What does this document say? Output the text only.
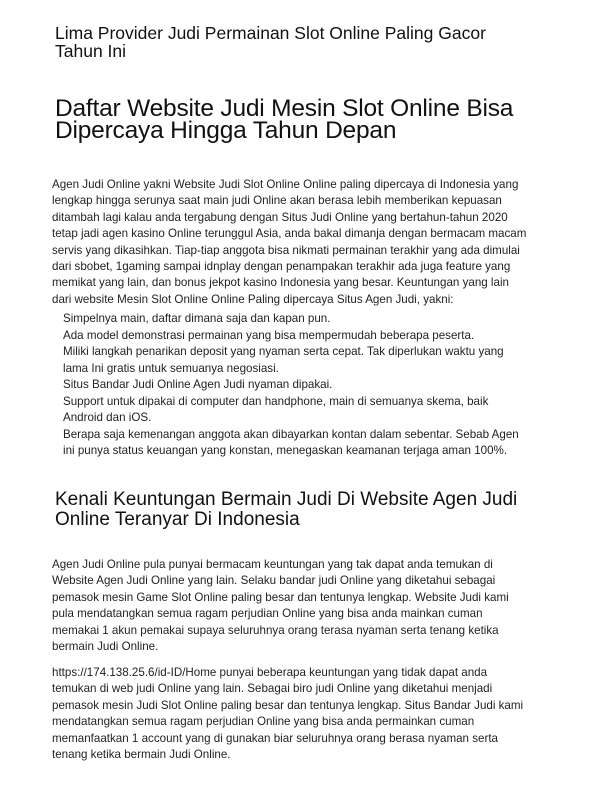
Lima Provider Judi Permainan Slot Online Paling Gacor
Tahun Ini
Daftar Website Judi Mesin Slot Online Bisa
Dipercaya Hingga Tahun Depan
Agen Judi Online yakni Website Judi Slot Online Online paling dipercaya di Indonesia yang
lengkap hingga serunya saat main judi Online akan berasa lebih memberikan kepuasan
ditambah lagi kalau anda tergabung dengan Situs Judi Online yang bertahun-tahun 2020
tetap jadi agen kasino Online terunggul Asia, anda bakal dimanja dengan bermacam macam
servis yang dikasihkan. Tiap-tiap anggota bisa nikmati permainan terakhir yang ada dimulai
dari sbobet, 1gaming sampai idnplay dengan penampakan terakhir ada juga feature yang
memikat yang lain, dan bonus jekpot kasino Indonesia yang besar. Keuntungan yang lain
dari website Mesin Slot Online Online Paling dipercaya Situs Agen Judi, yakni:
Simpelnya main, daftar dimana saja dan kapan pun.
Ada model demonstrasi permainan yang bisa mempermudah beberapa peserta.
Miliki langkah penarikan deposit yang nyaman serta cepat. Tak diperlukan waktu yang
lama Ini gratis untuk semuanya negosiasi.
Situs Bandar Judi Online Agen Judi nyaman dipakai.
Support untuk dipakai di computer dan handphone, main di semuanya skema, baik
Android dan iOS.
Berapa saja kemenangan anggota akan dibayarkan kontan dalam sebentar. Sebab Agen
ini punya status keuangan yang konstan, menegaskan keamanan terjaga aman 100%.
Kenali Keuntungan Bermain Judi Di Website Agen Judi
Online Teranyar Di Indonesia
Agen Judi Online pula punyai bermacam keuntungan yang tak dapat anda temukan di
Website Agen Judi Online yang lain. Selaku bandar judi Online yang diketahui sebagai
pemasok mesin Game Slot Online paling besar dan tentunya lengkap. Website Judi kami
pula mendatangkan semua ragam perjudian Online yang bisa anda mainkan cuman
memakai 1 akun pemakai supaya seluruhnya orang terasa nyaman serta tenang ketika
bermain Judi Online.
https://174.138.25.6/id-ID/Home punyai beberapa keuntungan yang tidak dapat anda
temukan di web judi Online yang lain. Sebagai biro judi Online yang diketahui menjadi
pemasok mesin Judi Slot Online paling besar dan tentunya lengkap. Situs Bandar Judi kami
mendatangkan semua ragam perjudian Online yang bisa anda permainkan cuman
memanfaatkan 1 account yang di gunakan biar seluruhnya orang berasa nyaman serta
tenang ketika bermain Judi Online.
